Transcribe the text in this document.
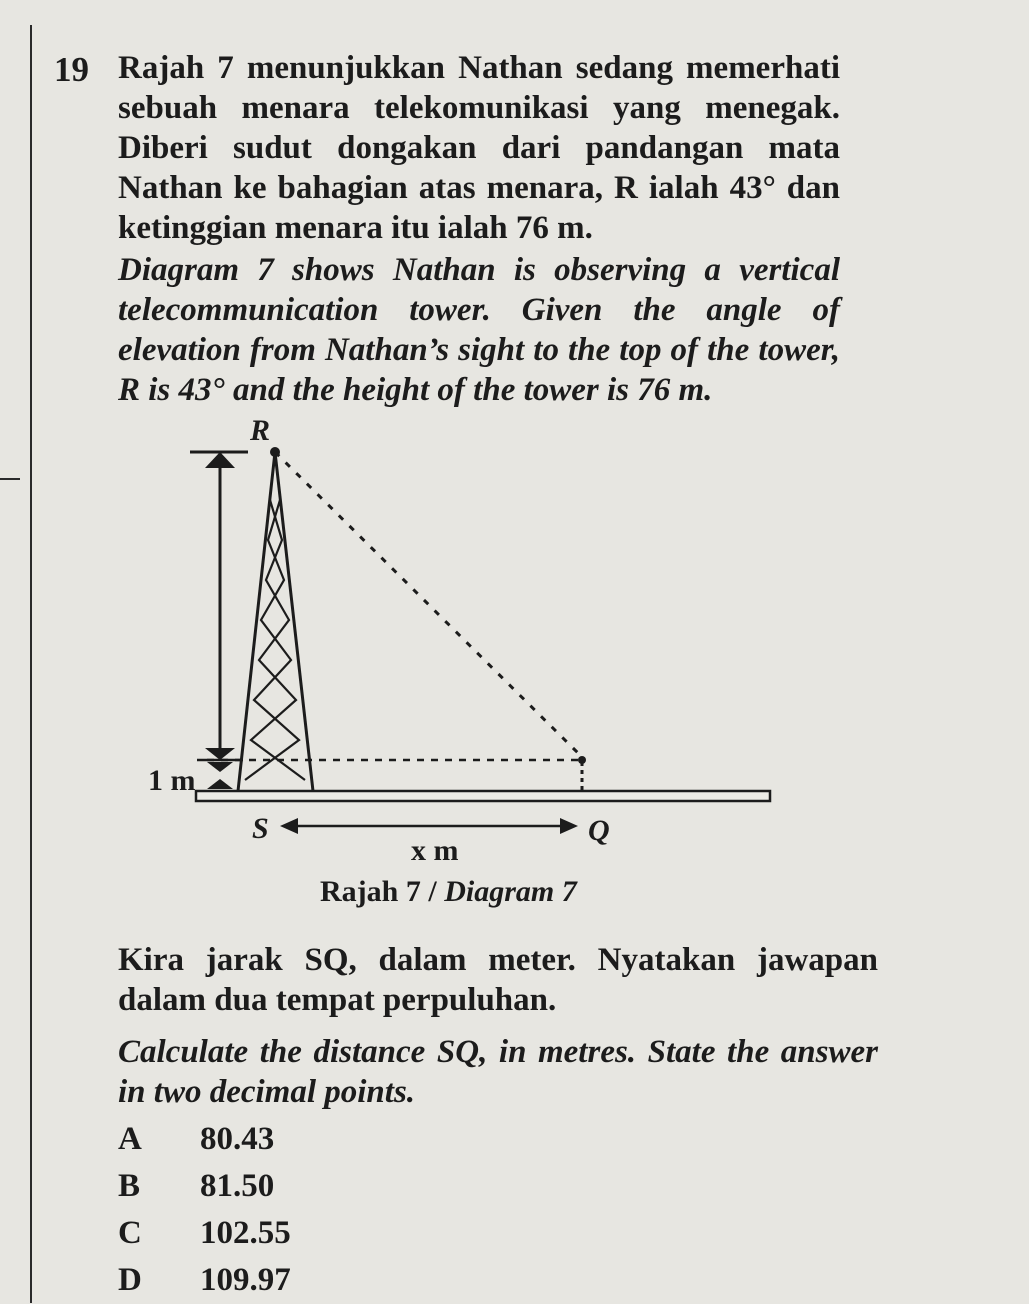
19 Rajah 7 menunjukkan Nathan sedang memerhati sebuah menara telekomunikasi yang menegak. Diberi sudut dongakan dari pandangan mata Nathan ke bahagian atas menara, R ialah 43° dan ketinggian menara itu ialah 76 m.
Diagram 7 shows Nathan is observing a vertical telecommunication tower. Given the angle of elevation from Nathan’s sight to the top of the tower, R is 43° and the height of the tower is 76 m.
R
1 m
S	Q
x m
Rajah 7 / Diagram 7
Kira jarak SQ, dalam meter. Nyatakan jawapan dalam dua tempat perpuluhan.
Calculate the distance SQ, in metres. State the answer in two decimal points.
A	80.43
B	81.50
C	102.55
D	109.97
